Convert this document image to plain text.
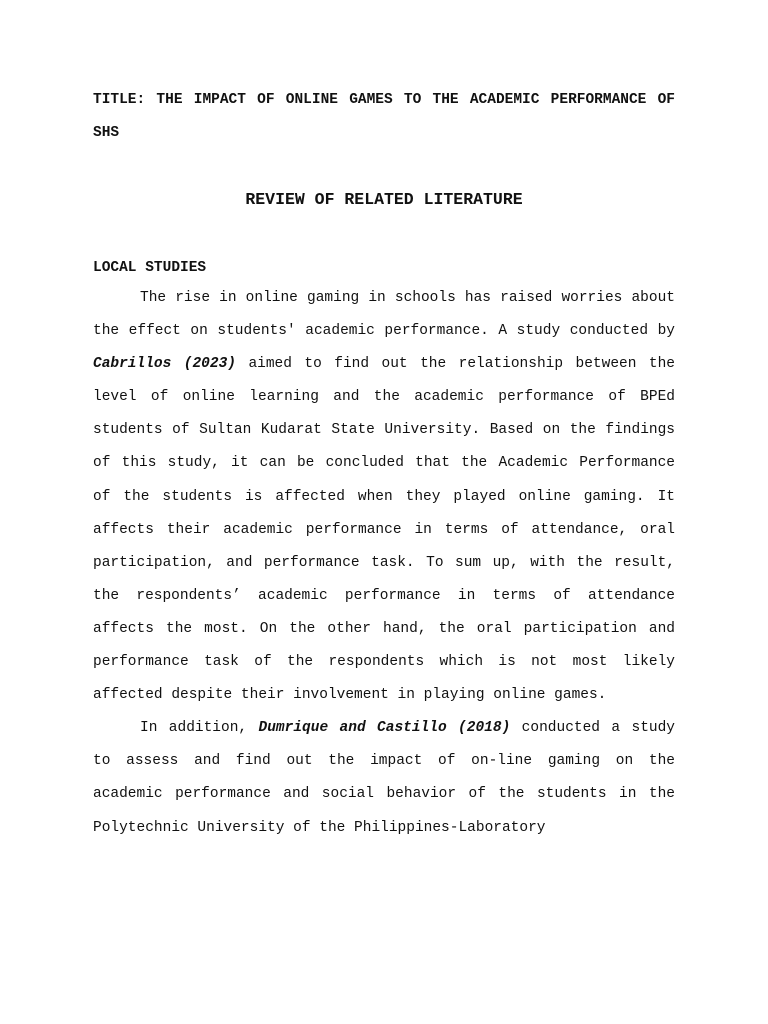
TITLE: THE IMPACT OF ONLINE GAMES TO THE ACADEMIC PERFORMANCE OF SHS

REVIEW OF RELATED LITERATURE
LOCAL STUDIES

The rise in online gaming in schools has raised worries about the effect on students' academic performance. A study conducted by Cabrillos (2023) aimed to find out the relationship between the level of online learning and the academic performance of BPEd students of Sultan Kudarat State University. Based on the findings of this study, it can be concluded that the Academic Performance of the students is affected when they played online gaming. It affects their academic performance in terms of attendance, oral participation, and performance task. To sum up, with the result, the respondents’ academic performance in terms of attendance affects the most. On the other hand, the oral participation and performance task of the respondents which is not most likely affected despite their involvement in playing online games.

In addition, Dumrique and Castillo (2018) conducted a study to assess and find out the impact of on-line gaming on the academic performance and social behavior of the students in the Polytechnic University of the Philippines-Laboratory
